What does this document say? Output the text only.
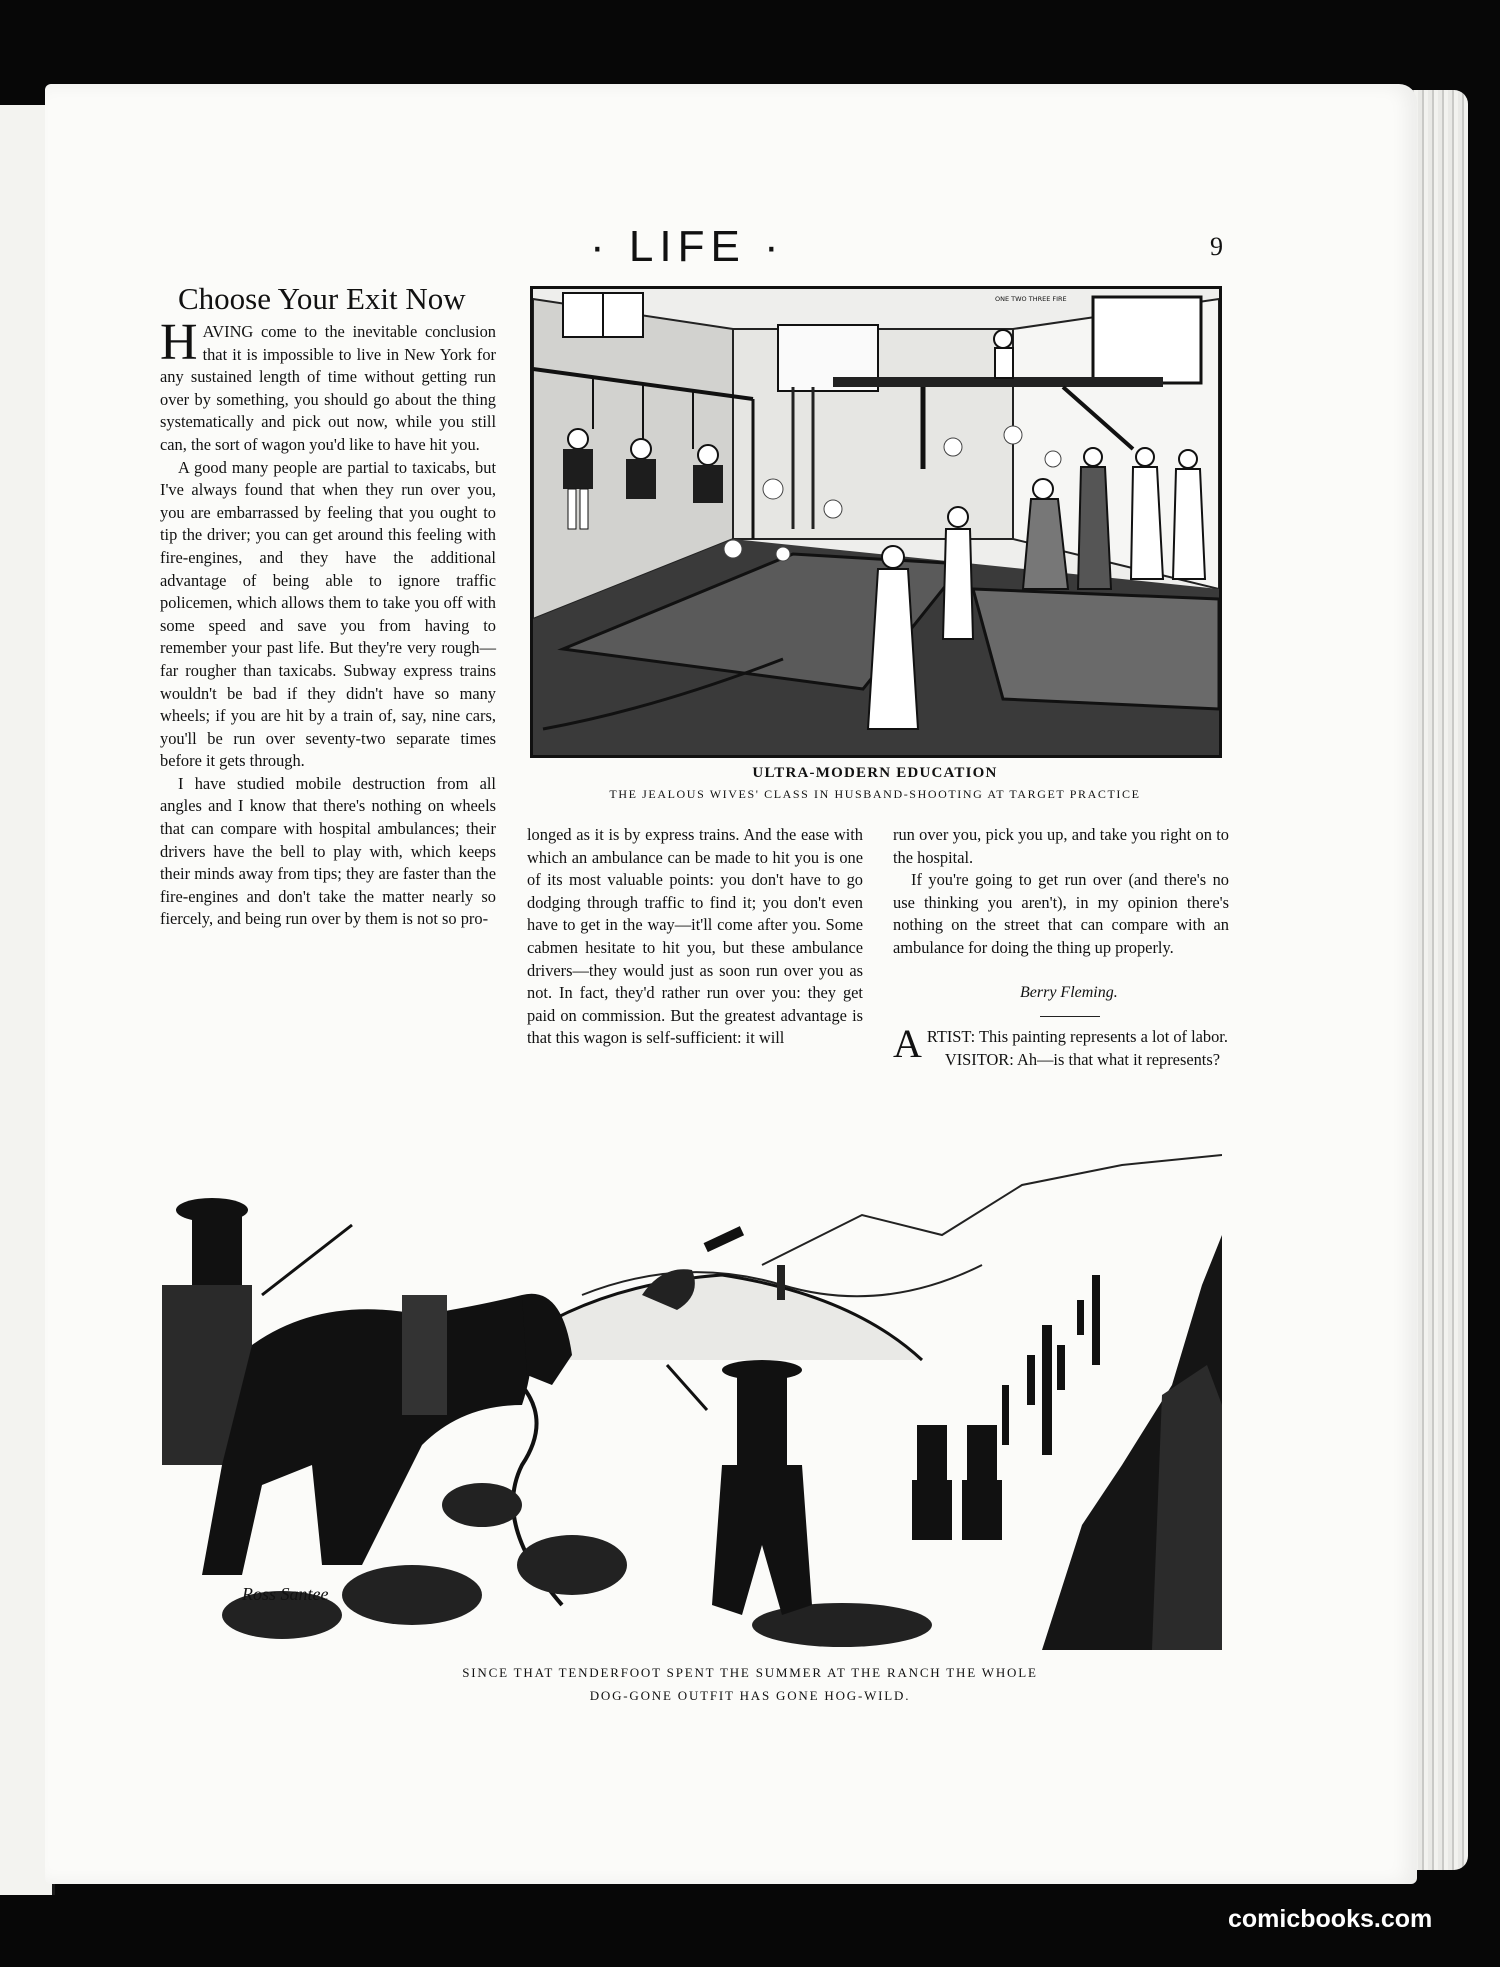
· LIFE ·	9
Choose Your Exit Now

HAVING come to the inevitable conclusion that it is impossible to live in New York for any sustained length of time without getting run over by something, you should go about the thing systematically and pick out now, while you still can, the sort of wagon you'd like to have hit you.

A good many people are partial to taxicabs, but I've always found that when they run over you, you are embarrassed by feeling that you ought to tip the driver; you can get around this feeling with fire-engines, and they have the additional advantage of being able to ignore traffic policemen, which allows them to take you off with some speed and save you from having to remember your past life. But they're very rough—far rougher than taxicabs. Subway express trains wouldn't be bad if they didn't have so many wheels; if you are hit by a train of, say, nine cars, you'll be run over seventy-two separate times before it gets through.

I have studied mobile destruction from all angles and I know that there's nothing on wheels that can compare with hospital ambulances; their drivers have the bell to play with, which keeps their minds away from tips; they are faster than the fire-engines and don't take the matter nearly so fiercely, and being run over by them is not so pro-

longed as it is by express trains. And the ease with which an ambulance can be made to hit you is one of its most valuable points: you don't have to go dodging through traffic to find it; you don't even have to get in the way—it'll come after you. Some cabmen hesitate to hit you, but these ambulance drivers—they would just as soon run over you as not. In fact, they'd rather run over you: they get paid on commission. But the greatest advantage is that this wagon is self-sufficient: it will

run over you, pick you up, and take you right on to the hospital.

If you're going to get run over (and there's no use thinking you aren't), in my opinion there's nothing on the street that can compare with an ambulance for doing the thing up properly.

Berry Fleming.

ARTIST: This painting represents a lot of labor.

VISITOR: Ah—is that what it represents?

ONE TWO THREE FIRE
ULTRA-MODERN EDUCATION
THE JEALOUS WIVES' CLASS IN HUSBAND-SHOOTING AT TARGET PRACTICE
Ross Santee
SINCE THAT TENDERFOOT SPENT THE SUMMER AT THE RANCH THE WHOLE
DOG-GONE OUTFIT HAS GONE HOG-WILD.
comicbooks.com
